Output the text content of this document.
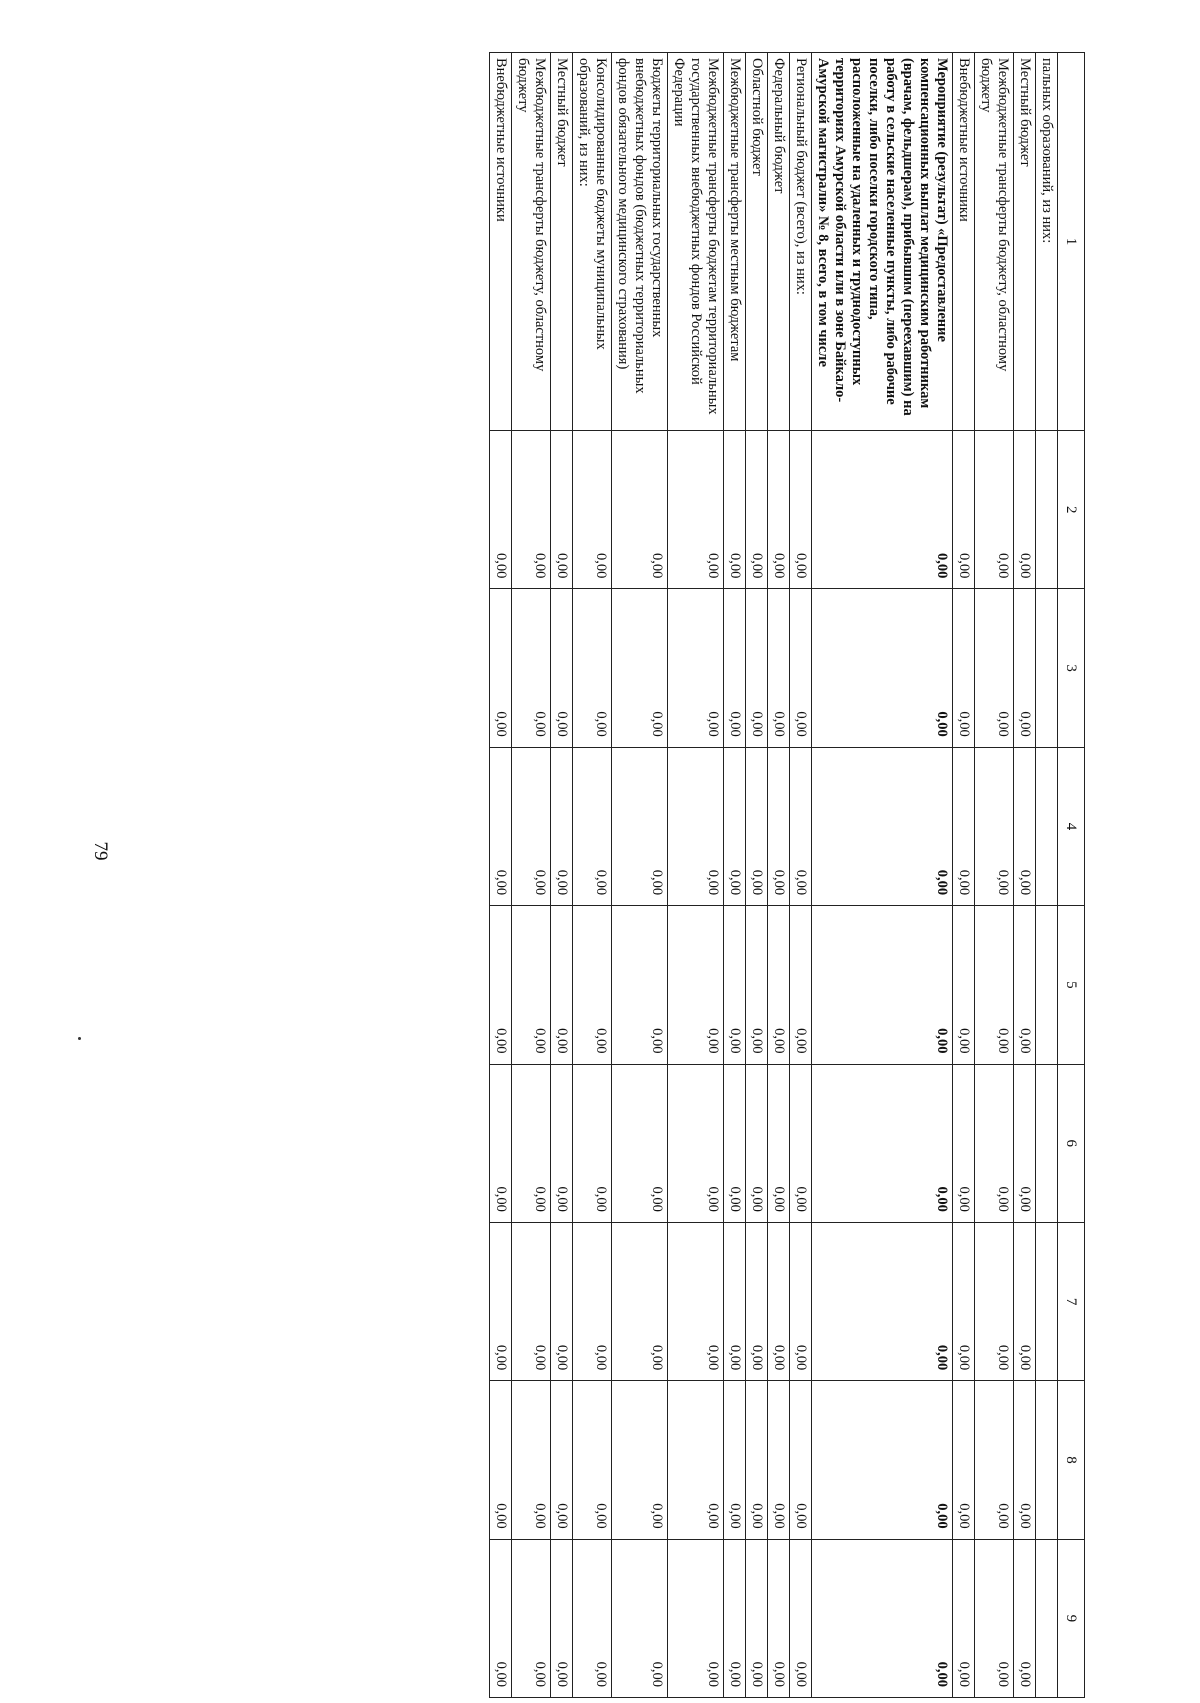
79
1	2	3	4	5	6	7	8	9
пальных образований, из них:								
Местный бюджет	0,00	0,00	0,00	0,00	0,00	0,00	0,00	0,00
Межбюджетные трансферты бюджету, областному бюджету	0,00	0,00	0,00	0,00	0,00	0,00	0,00	0,00
Внебюджетные источники	0,00	0,00	0,00	0,00	0,00	0,00	0,00	0,00
Мероприятие (результат) «Предоставление компенсационных выплат медицинским работникам (врачам, фельдшерам), прибывшим (переехавшим) на работу в сельские населенные пункты, либо рабочие поселки, либо поселки городского типа, расположенные на удаленных и труднодоступных территориях Амурской области или в зоне Байкало-Амурской магистрали» № 8, всего, в том числе	0,00	0,00	0,00	0,00	0,00	0,00	0,00	0,00
Региональный бюджет (всего), из них:	0,00	0,00	0,00	0,00	0,00	0,00	0,00	0,00
Федеральный бюджет	0,00	0,00	0,00	0,00	0,00	0,00	0,00	0,00
Областной бюджет	0,00	0,00	0,00	0,00	0,00	0,00	0,00	0,00
Межбюджетные трансферты местным бюджетам	0,00	0,00	0,00	0,00	0,00	0,00	0,00	0,00
Межбюджетные трансферты бюджетам территориальных государственных внебюджетных фондов Российской Федерации	0,00	0,00	0,00	0,00	0,00	0,00	0,00	0,00
Бюджеты территориальных государственных внебюджетных фондов (бюджетных территориальных фондов обязательного медицинского страхования)	0,00	0,00	0,00	0,00	0,00	0,00	0,00	0,00
Консолидированные бюджеты муниципальных образований, из них:	0,00	0,00	0,00	0,00	0,00	0,00	0,00	0,00
Местный бюджет	0,00	0,00	0,00	0,00	0,00	0,00	0,00	0,00
Межбюджетные трансферты бюджету, областному бюджету	0,00	0,00	0,00	0,00	0,00	0,00	0,00	0,00
Внебюджетные источники	0,00	0,00	0,00	0,00	0,00	0,00	0,00	0,00
